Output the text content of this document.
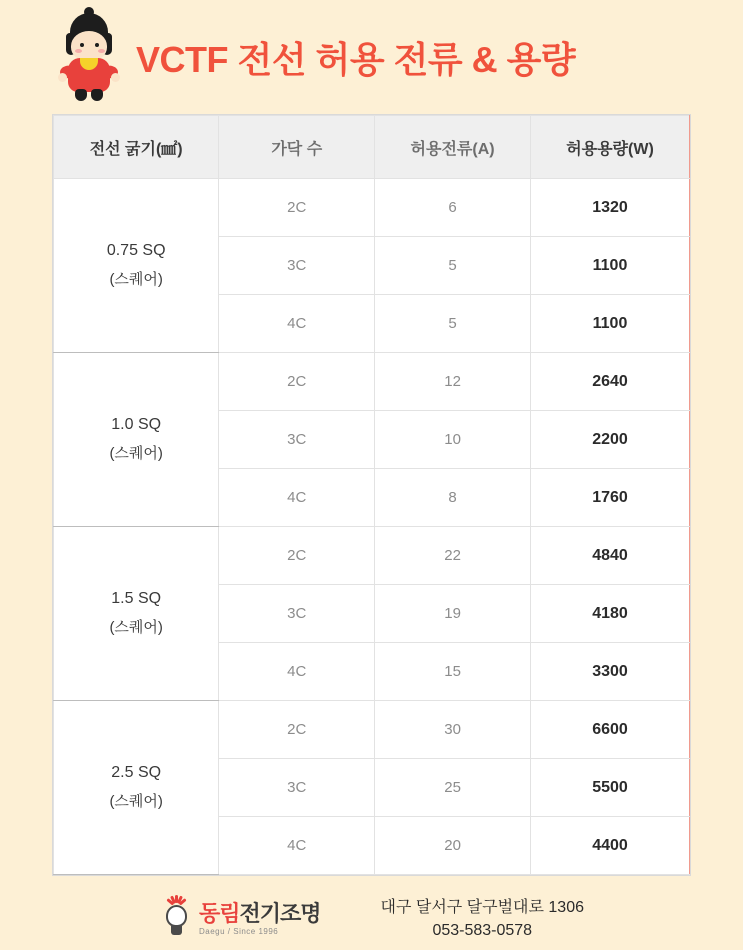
VCTF 전선 허용 전류 & 용량
전선 굵기(㎟)	가닥 수	허용전류(A)	허용용량(W)
0.75 SQ
(스퀘어)	2C	6	1320
	3C	5	1100
	4C	5	1100
1.0 SQ
(스퀘어)	2C	12	2640
	3C	10	2200
	4C	8	1760
1.5 SQ
(스퀘어)	2C	22	4840
	3C	19	4180
	4C	15	3300
2.5 SQ
(스퀘어)	2C	30	6600
	3C	25	5500
	4C	20	4400
동림전기조명
Daegu / Since 1996
대구 달서구 달구벌대로 1306
053-583-0578
